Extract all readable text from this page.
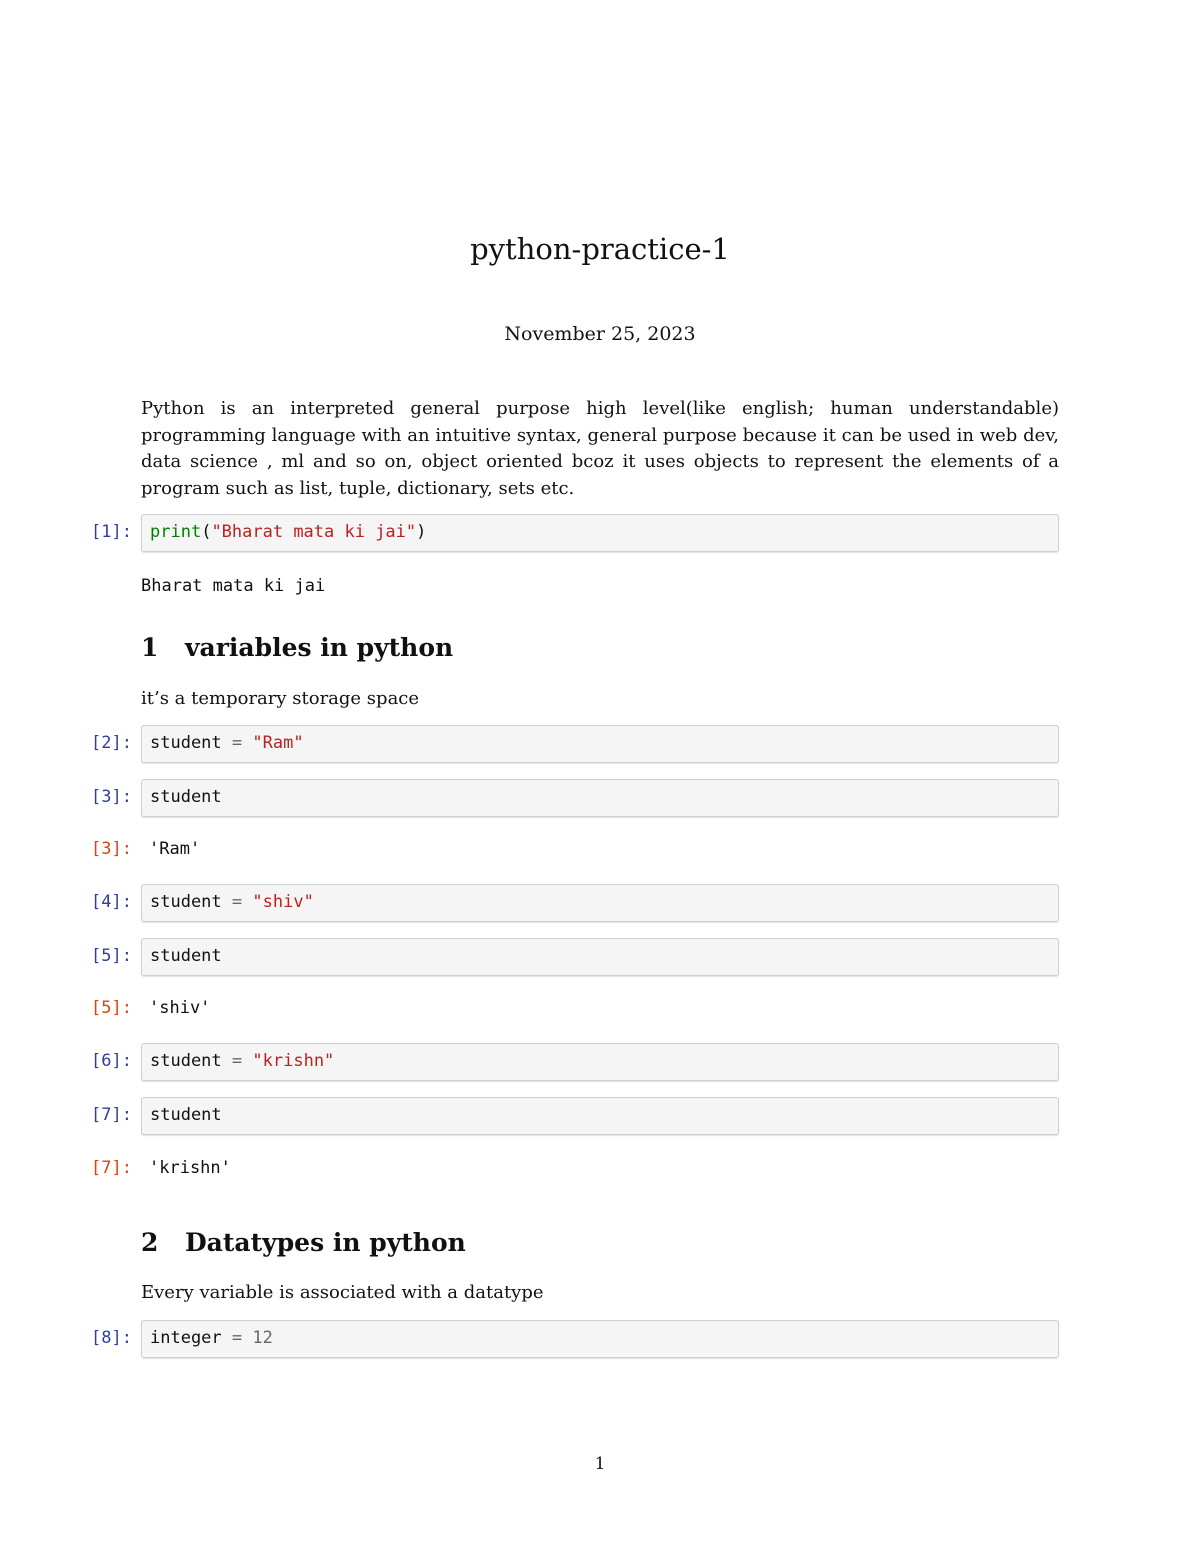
python-practice-1
November 25, 2023
Python is an interpreted general purpose high level(like english; human understandable) programming language with an intuitive syntax, general purpose because it can be used in web dev, data science , ml and so on, object oriented bcoz it uses objects to represent the elements of a program such as list, tuple, dictionary, sets etc.
[1]: print("Bharat mata ki jai")
Bharat mata ki jai
1 variables in python
it’s a temporary storage space
[2]: student = "Ram"
[3]: student
[3]: 'Ram'
[4]: student = "shiv"
[5]: student
[5]: 'shiv'
[6]: student = "krishn"
[7]: student
[7]: 'krishn'
2 Datatypes in python
Every variable is associated with a datatype
[8]: integer = 12
1
